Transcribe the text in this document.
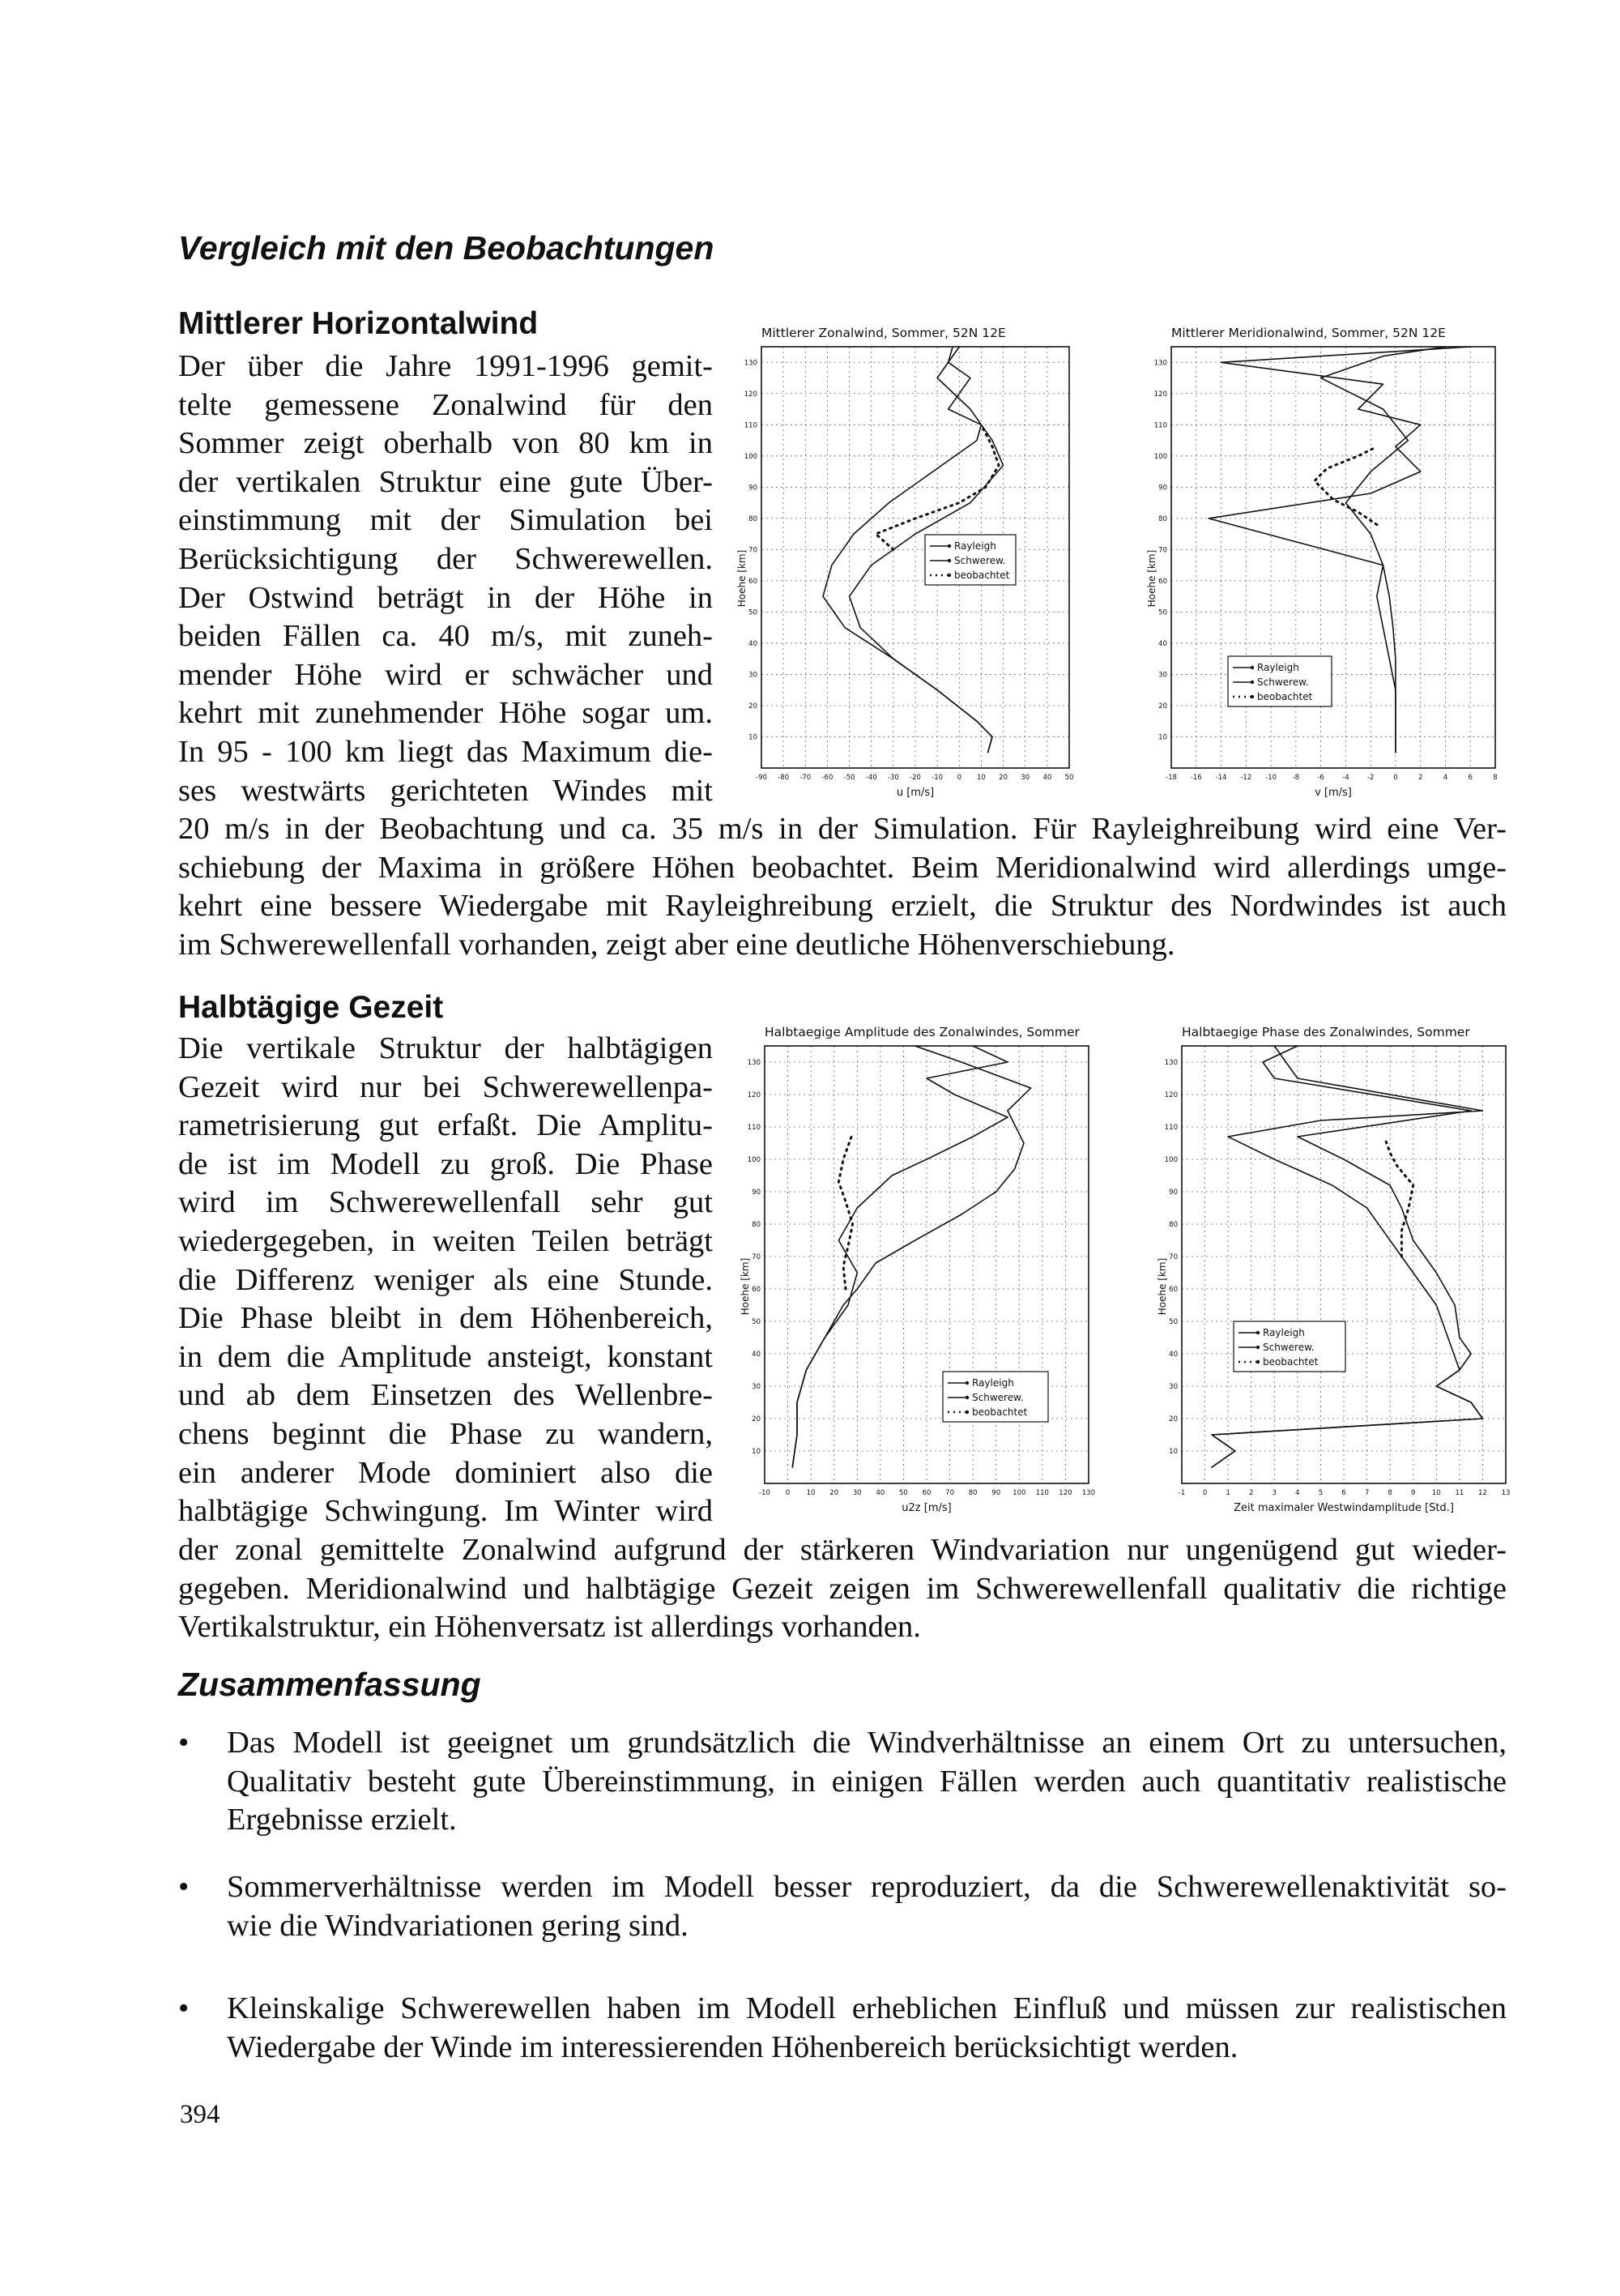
Vergleich mit den Beobachtungen
Mittlerer Horizontalwind
Der über die Jahre 1991-1996 gemit-
telte gemessene Zonalwind für den
Sommer zeigt oberhalb von 80 km in
der vertikalen Struktur eine gute Über-
einstimmung mit der Simulation bei
Berücksichtigung der Schwerewellen.
Der Ostwind beträgt in der Höhe in
beiden Fällen ca. 40 m/s, mit zuneh-
mender Höhe wird er schwächer und
kehrt mit zunehmender Höhe sogar um.
In 95 - 100 km liegt das Maximum die-
ses westwärts gerichteten Windes mit
20 m/s in der Beobachtung und ca. 35 m/s in der Simulation. Für Rayleighreibung wird eine Ver-
schiebung der Maxima in größere Höhen beobachtet. Beim Meridionalwind wird allerdings umge-
kehrt eine bessere Wiedergabe mit Rayleighreibung erzielt, die Struktur des Nordwindes ist auch
im Schwerewellenfall vorhanden, zeigt aber eine deutliche Höhenverschiebung.
Mittlerer Zonalwind, Sommer, 52N 12E
-90 -80 -70 -60 -50 -40 -30 -20 -10 0 10 20 30 40 50
10
20
30
40
50
60
70
80
90
100
110
120
130
u [m/s]
Hoehe [km]
Rayleigh
Schwerew.
beobachtet
Mittlerer Meridionalwind, Sommer, 52N 12E
-18 -16 -14 -12 -10 -8	-6	-4	-2	0	2	4	6	8
10
20
30
40
50
60
70
80
90
100
110
120
130
v [m/s]
Hoehe [km]
Rayleigh
Schwerew.
beobachtet
Halbtägige Gezeit
Die vertikale Struktur der halbtägigen
Gezeit wird nur bei Schwerewellenpa-
rametrisierung gut erfaßt. Die Amplitu-
de ist im Modell zu groß. Die Phase
wird im Schwerewellenfall sehr gut
wiedergegeben, in weiten Teilen beträgt
die Differenz weniger als eine Stunde.
Die Phase bleibt in dem Höhenbereich,
in dem die Amplitude ansteigt, konstant
und ab dem Einsetzen des Wellenbre-
chens beginnt die Phase zu wandern,
ein anderer Mode dominiert also die
halbtägige Schwingung. Im Winter wird
der zonal gemittelte Zonalwind aufgrund der stärkeren Windvariation nur ungenügend gut wieder-
gegeben. Meridionalwind und halbtägige Gezeit zeigen im Schwerewellenfall qualitativ die richtige
Vertikalstruktur, ein Höhenversatz ist allerdings vorhanden.
Halbtaegige Amplitude des Zonalwindes, Sommer
-10 0 10 20 30 40 50 60 70 80 90 100 110 120 130
10
20
30
40
50
60
70
80
90
100
110
120
130
u2z [m/s]
Hoehe [km]
Rayleigh
Schwerew.
beobachtet
Halbtaegige Phase des Zonalwindes, Sommer
-1	0	1	2	3	4	5	6	7	8	9 10 11 12 13
10
20
30
40
50
60
70
80
90
100
110
120
130
Zeit maximaler Westwindamplitude [Std.]
Hoehe [km]
Rayleigh
Schwerew.
beobachtet
Zusammenfassung
• Das Modell ist geeignet um grundsätzlich die Windverhältnisse an einem Ort zu untersuchen,
Qualitativ besteht gute Übereinstimmung, in einigen Fällen werden auch quantitativ realistische
Ergebnisse erzielt.
• Sommerverhältnisse werden im Modell besser reproduziert, da die Schwerewellenaktivität so-
wie die Windvariationen gering sind.
• Kleinskalige Schwerewellen haben im Modell erheblichen Einfluß und müssen zur realistischen
Wiedergabe der Winde im interessierenden Höhenbereich berücksichtigt werden.
394
